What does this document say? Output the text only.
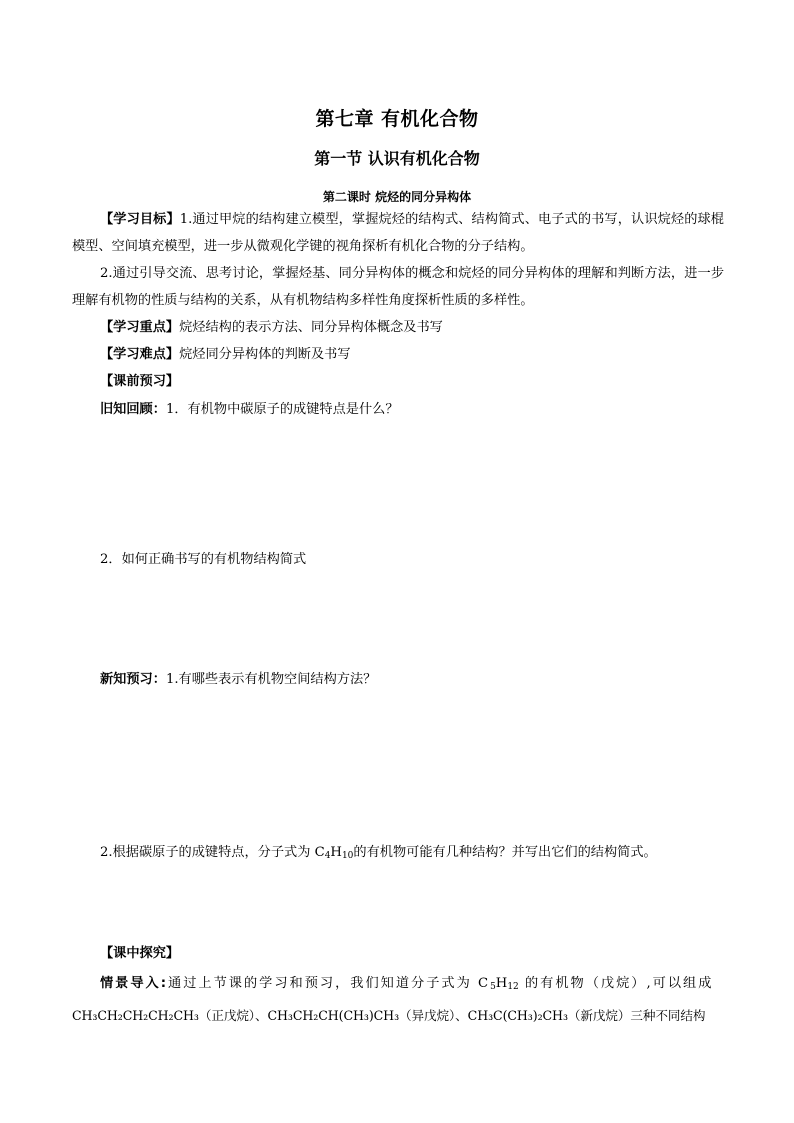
第七章 有机化合物
第一节 认识有机化合物
第二课时 烷烃的同分异构体
【学习目标】1.通过甲烷的结构建立模型，掌握烷烃的结构式、结构简式、电子式的书写，认识烷烃的球棍模型、空间填充模型，进一步从微观化学键的视角探析有机化合物的分子结构。
2.通过引导交流、思考讨论，掌握烃基、同分异构体的概念和烷烃的同分异构体的理解和判断方法，进一步理解有机物的性质与结构的关系，从有机物结构多样性角度探析性质的多样性。
【学习重点】烷烃结构的表示方法、同分异构体概念及书写
【学习难点】烷烃同分异构体的判断及书写
【课前预习】
旧知回顾：1．有机物中碳原子的成键特点是什么？
2．如何正确书写的有机物结构简式
新知预习：1.有哪些表示有机物空间结构方法？
2.根据碳原子的成键特点，分子式为 $C_4H_{10}$的有机物可能有几种结构？并写出它们的结构简式。
【课中探究】
情景导入:通过上节课的学习和预习，我们知道分子式为 $C_5H_{12}$ 的有机物（戊烷）,可以组成
CH₃CH₂CH₂CH₂CH₃（正戊烷）、CH₃CH₂CH(CH₃)CH₃（异戊烷）、CH₃C(CH₃)₂CH₃（新戊烷）三种不同结构
